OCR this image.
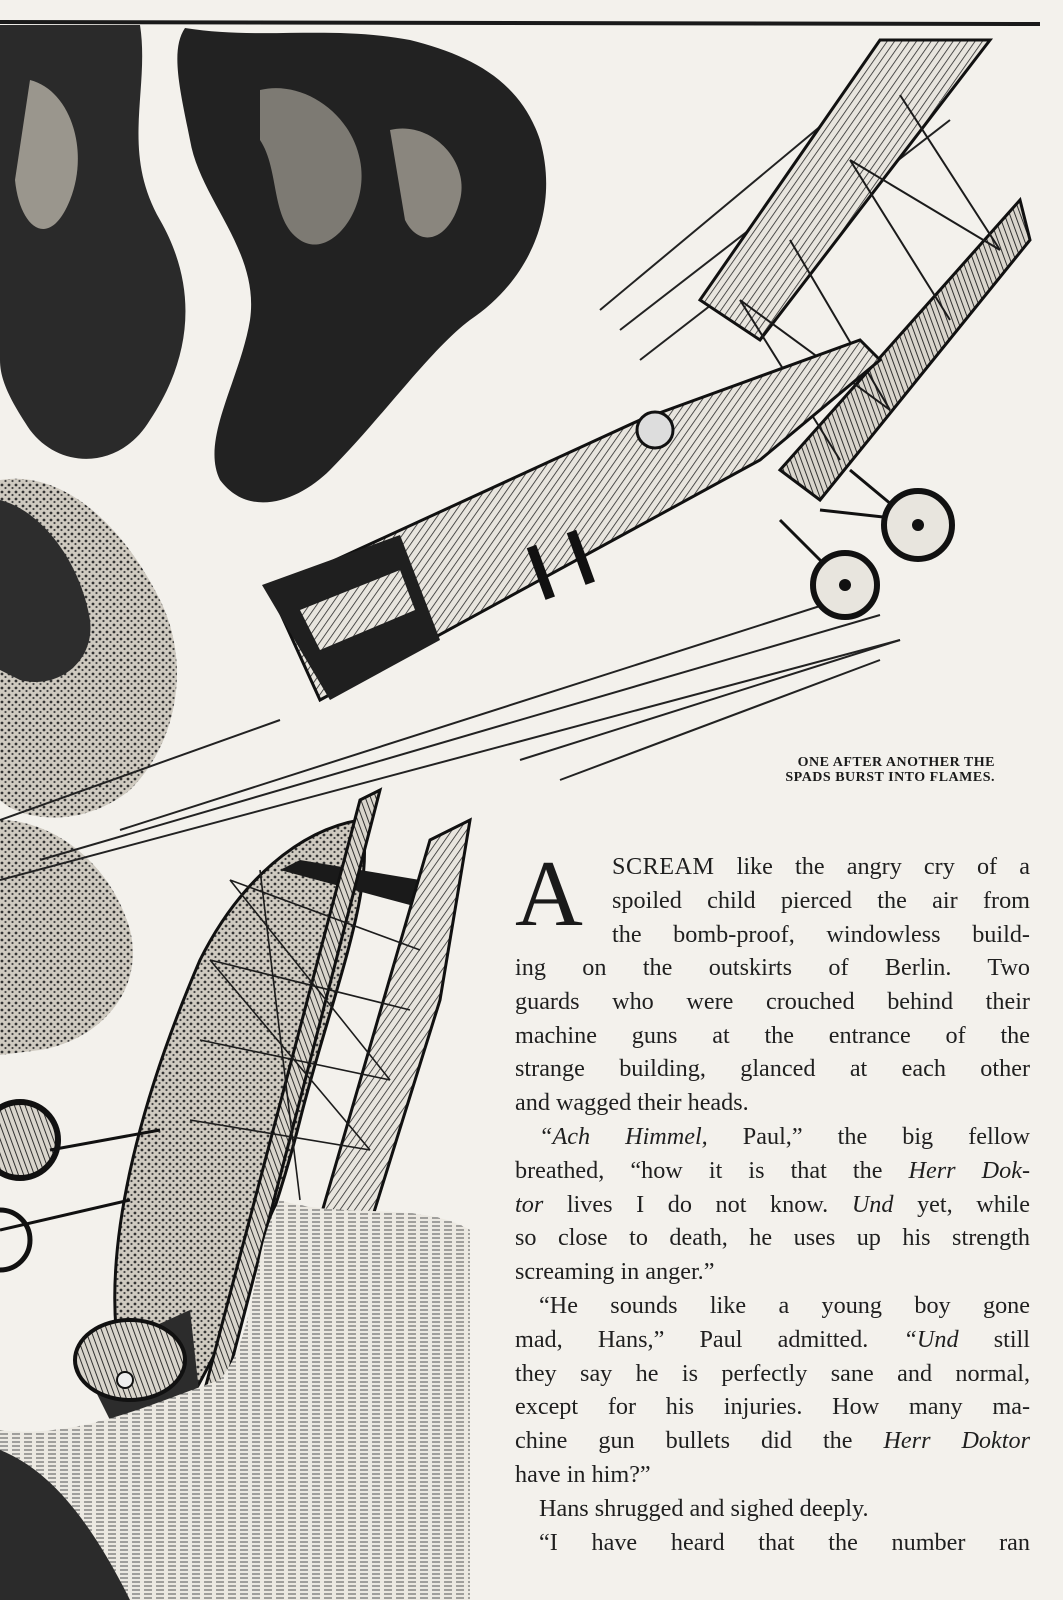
ONE AFTER ANOTHER THE
SPADS BURST INTO FLAMES.
A SCREAM like the angry cry of a
spoiled child pierced the air from
the bomb-proof, windowless build-
ing on the outskirts of Berlin. Two
guards who were crouched behind their
machine guns at the entrance of the
strange building, glanced at each other
and wagged their heads.
“Ach Himmel, Paul,” the big fellow
breathed, “how it is that the Herr Dok-
tor lives I do not know. Und yet, while
so close to death, he uses up his strength
screaming in anger.”
“He sounds like a young boy gone
mad, Hans,” Paul admitted. “Und still
they say he is perfectly sane and normal,
except for his injuries. How many ma-
chine gun bullets did the Herr Doktor
have in him?”
Hans shrugged and sighed deeply.
“I have heard that the number ran
